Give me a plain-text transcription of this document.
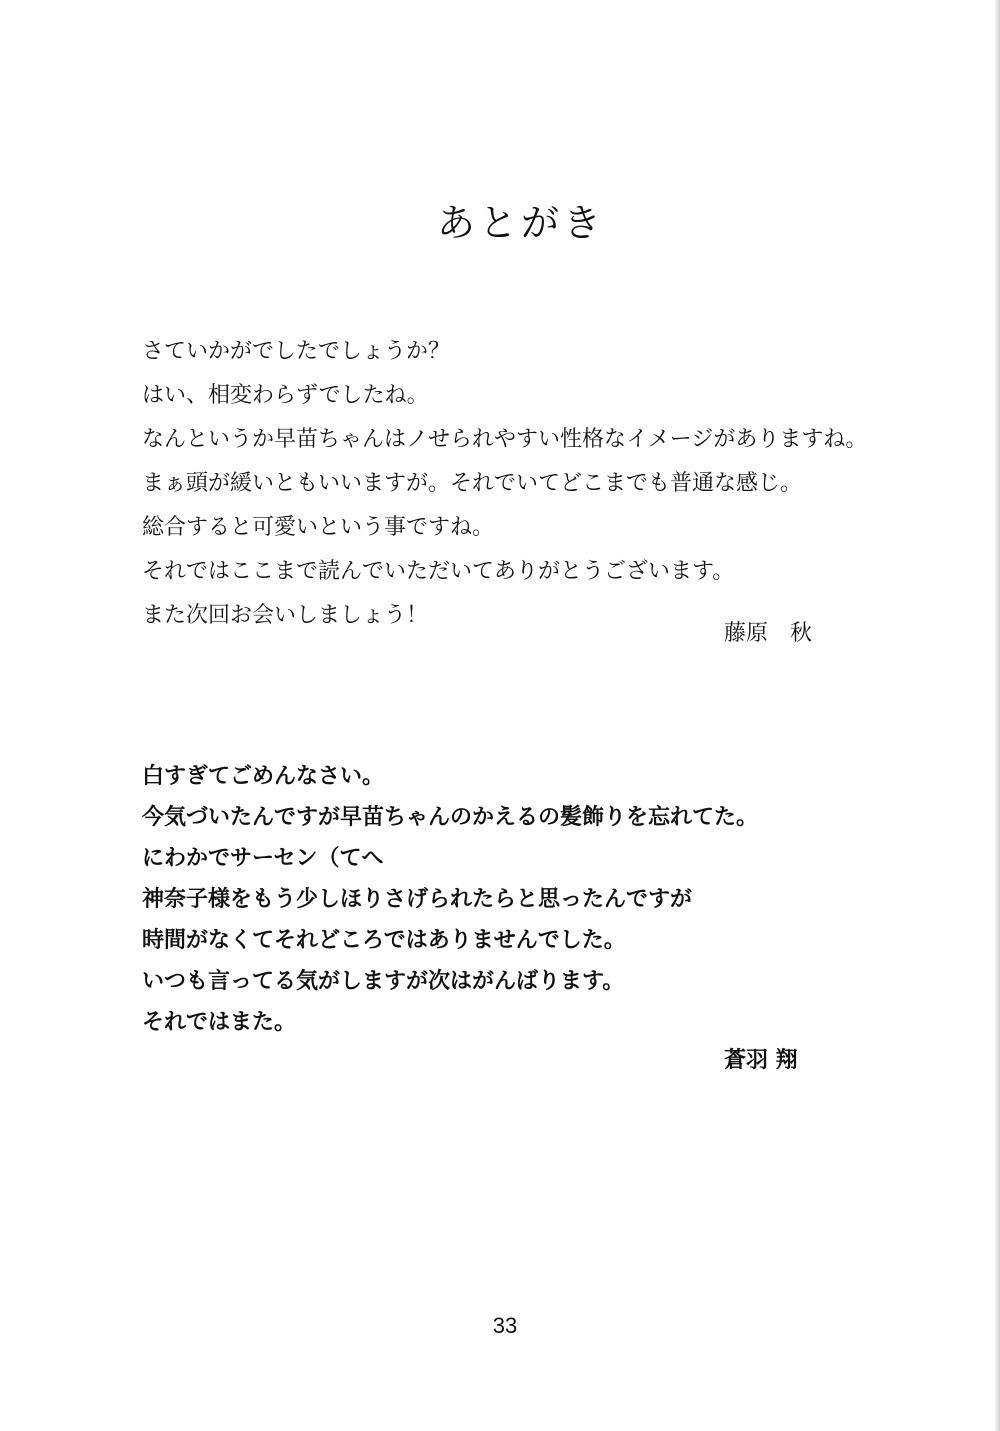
あとがき
さていかがでしたでしょうか？
はい、相変わらずでしたね。
なんというか早苗ちゃんはノせられやすい性格なイメージがありますね。
まぁ頭が緩いともいいますが。それでいてどこまでも普通な感じ。
総合すると可愛いという事ですね。
それではここまで読んでいただいてありがとうございます。
また次回お会いしましょう！
藤原　秋
白すぎてごめんなさい。
今気づいたんですが早苗ちゃんのかえるの髪飾りを忘れてた。
にわかでサーセン（てへ
神奈子様をもう少しほりさげられたらと思ったんですが
時間がなくてそれどころではありませんでした。
いつも言ってる気がしますが次はがんばります。
それではまた。
蒼羽 翔
33
